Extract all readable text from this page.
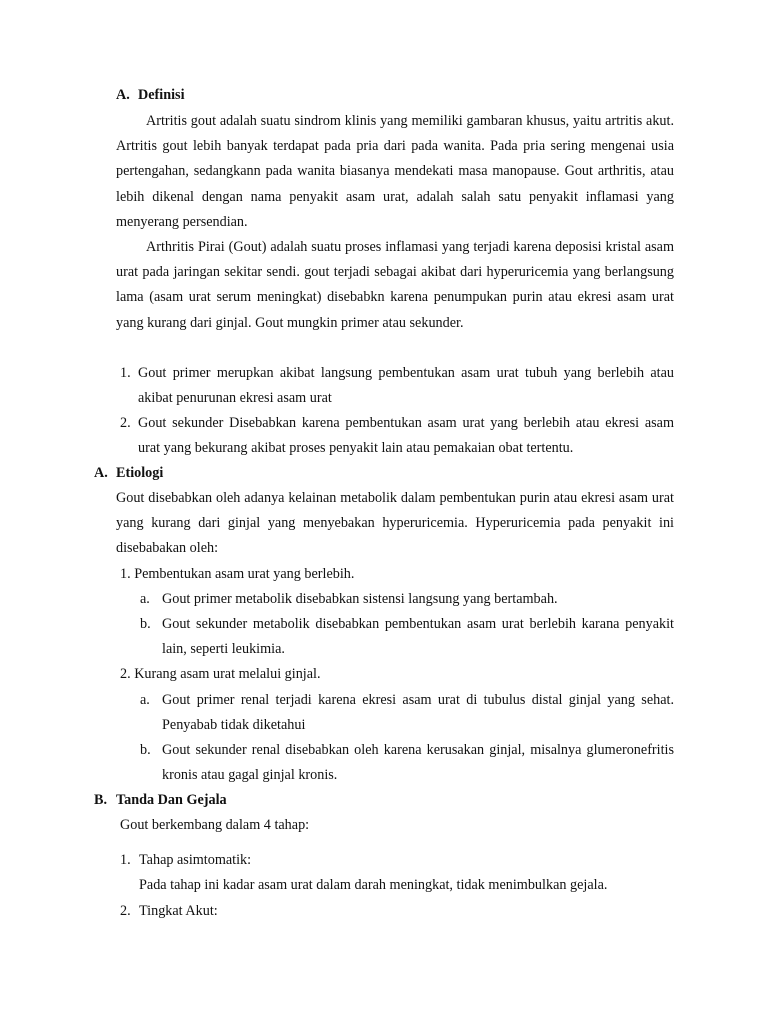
A. Definisi
Artritis gout adalah suatu sindrom klinis yang memiliki gambaran khusus, yaitu artritis akut. Artritis gout lebih banyak terdapat pada pria dari pada wanita. Pada pria sering mengenai usia pertengahan, sedangkann pada wanita biasanya mendekati masa manopause. Gout arthritis, atau lebih dikenal dengan nama penyakit asam urat, adalah salah satu penyakit inflamasi yang menyerang persendian.
Arthritis Pirai (Gout) adalah suatu proses inflamasi yang terjadi karena deposisi kristal asam urat pada jaringan sekitar sendi. gout terjadi sebagai akibat dari hyperuricemia yang berlangsung lama (asam urat serum meningkat) disebabkn karena penumpukan purin atau ekresi asam urat yang kurang dari ginjal. Gout mungkin primer atau sekunder.
1. Gout primer merupkan akibat langsung pembentukan asam urat tubuh yang berlebih atau akibat penurunan ekresi asam urat
2. Gout sekunder Disebabkan karena pembentukan asam urat yang berlebih atau ekresi asam urat yang bekurang akibat proses penyakit lain atau pemakaian obat tertentu.
A. Etiologi
Gout disebabkan oleh adanya kelainan metabolik dalam pembentukan purin atau ekresi asam urat yang kurang dari ginjal yang menyebakan hyperuricemia. Hyperuricemia pada penyakit ini disebabakan oleh:
1. Pembentukan asam urat yang berlebih.
a. Gout primer metabolik disebabkan sistensi langsung yang bertambah.
b. Gout sekunder metabolik disebabkan pembentukan asam urat berlebih karana penyakit lain, seperti leukimia.
2. Kurang asam urat melalui ginjal.
a. Gout primer renal terjadi karena ekresi asam urat di tubulus distal ginjal yang sehat. Penyabab tidak diketahui
b. Gout sekunder renal disebabkan oleh karena kerusakan ginjal, misalnya glumeronefritis kronis atau gagal ginjal kronis.
B. Tanda Dan Gejala
Gout berkembang dalam 4 tahap:
1. Tahap asimtomatik:
Pada tahap ini kadar asam urat dalam darah meningkat, tidak menimbulkan gejala.
2. Tingkat Akut:
